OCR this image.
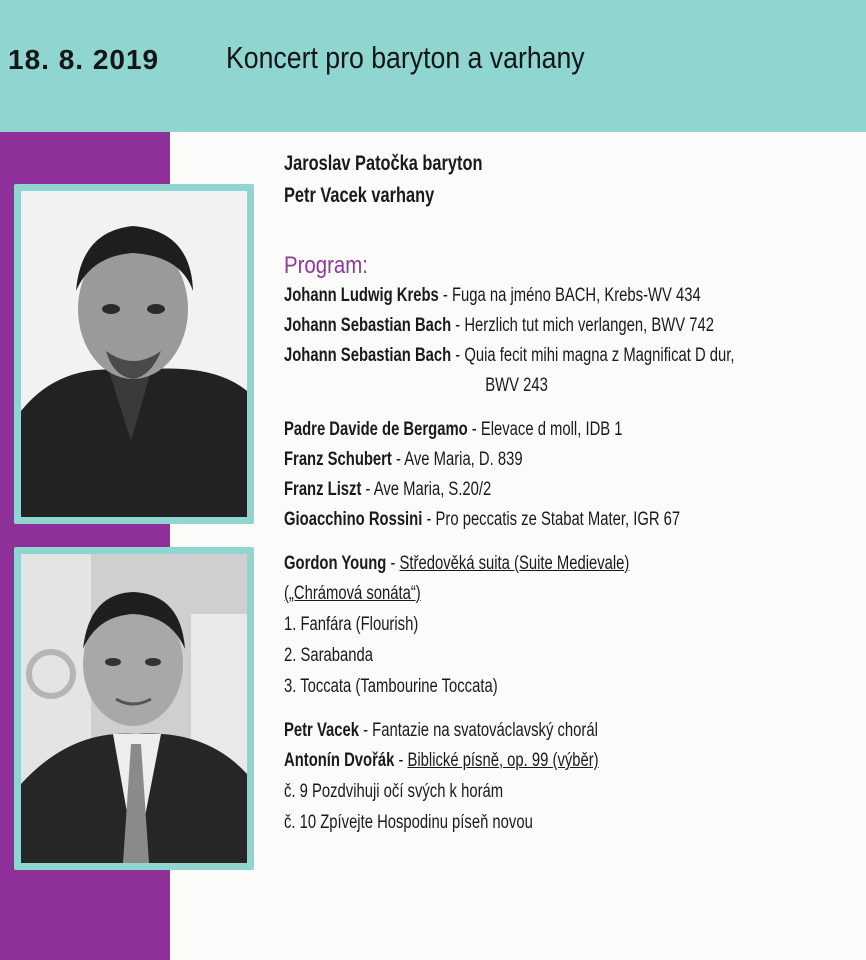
18. 8. 2019 Koncert pro baryton a varhany
Jaroslav Patočka baryton
Petr Vacek varhany
Program:
Johann Ludwig Krebs - Fuga na jméno BACH, Krebs-WV 434
Johann Sebastian Bach - Herzlich tut mich verlangen, BWV 742
Johann Sebastian Bach - Quia fecit mihi magna z Magnificat D dur,
BWV 243
Padre Davide de Bergamo - Elevace d moll, IDB 1
Franz Schubert - Ave Maria, D. 839
Franz Liszt - Ave Maria, S.20/2
Gioacchino Rossini - Pro peccatis ze Stabat Mater, IGR 67
Gordon Young - Středověká suita (Suite Medievale)
(„Chrámová sonáta“)
1. Fanfára (Flourish)
2. Sarabanda
3. Toccata (Tambourine Toccata)
Petr Vacek - Fantazie na svatováclavský chorál
Antonín Dvořák - Biblické písně, op. 99 (výběr)
č. 9 Pozdvihuji očí svých k horám
č. 10 Zpívejte Hospodinu píseň novou
